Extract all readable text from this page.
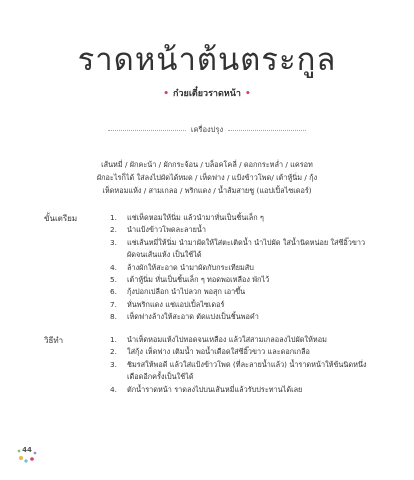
ราดหน้าต้นตระกูล
• ก๋วยเตี๋ยวราดหน้า •
เครื่องปรุง
เส้นหมี่ / ผักคะน้า / ผักกระจ้อน / บล็อคโคลี่ / ดอกกระหล่ำ / แครอท
ผักอะไรก็ได้ ใส่ลงไปผัดได้หมด / เห็ดฟาง / แป้งข้าวโพด/ เต้าหู้นิ่ม / กุ้ง
เห็ดหอมแห้ง / สามเกลอ / พริกแดง / น้ำส้มสายชู (แอปเปิ้ลไซเดอร์)
ขั้นเตรียม	1.	แช่เห็ดหอมให้นิ่ม แล้วนำมาหั่นเป็นชิ้นเล็ก ๆ
2.	นำแป้งข้าวโพดละลายน้ำ
3.	แช่เส้นหมี่ให้นิ่ม นำมาผัดให้ใส่ตะเติดน้ำ นำไปผัด ใส่น้ำนิดหน่อย ใส่ซีอิ๊วขาว ผัดจนเส้นแห้ง เป็นใช้ได้
4.	ล้างผักให้สะอาด นำมาผัดกับกระเทียมสับ
5.	เต้าหู้นิ่ม หั่นเป็นชิ้นเล็ก ๆ ทอดพอเหลือง พักไว้
6.	กุ้งปอกเปลือก นำไปลวก พอสุก เอาขึ้น
7.	หั่นพริกแดง แช่แอปเปิ้ลไซเดอร์
8.	เห็ดฟางล้างให้สะอาด ตัดแบ่งเป็นชิ้นพอคำ
วิธีทำ	1.	นำเห็ดหอมแห้งไปทอดจนเหลือง แล้วใส่สามเกลอลงไปผัดให้หอม
2.	ใส่กุ้ง เห็ดฟาง เติมน้ำ พอน้ำเดือดใส่ซีอิ๊วขาว และดอกเกลือ
3.	ชิมรสให้พอดี แล้วใส่แป้งข้าวโพด (ที่ละลายน้ำแล้ว) น้ำราดหน้าให้ข้นนิดหนึ่ง เดือดอีกครั้งเป็นใช้ได้
4.	ตักน้ำราดหน้า ราดลงไปบนเส้นหมี่แล้วรับประทานได้เลย
44
